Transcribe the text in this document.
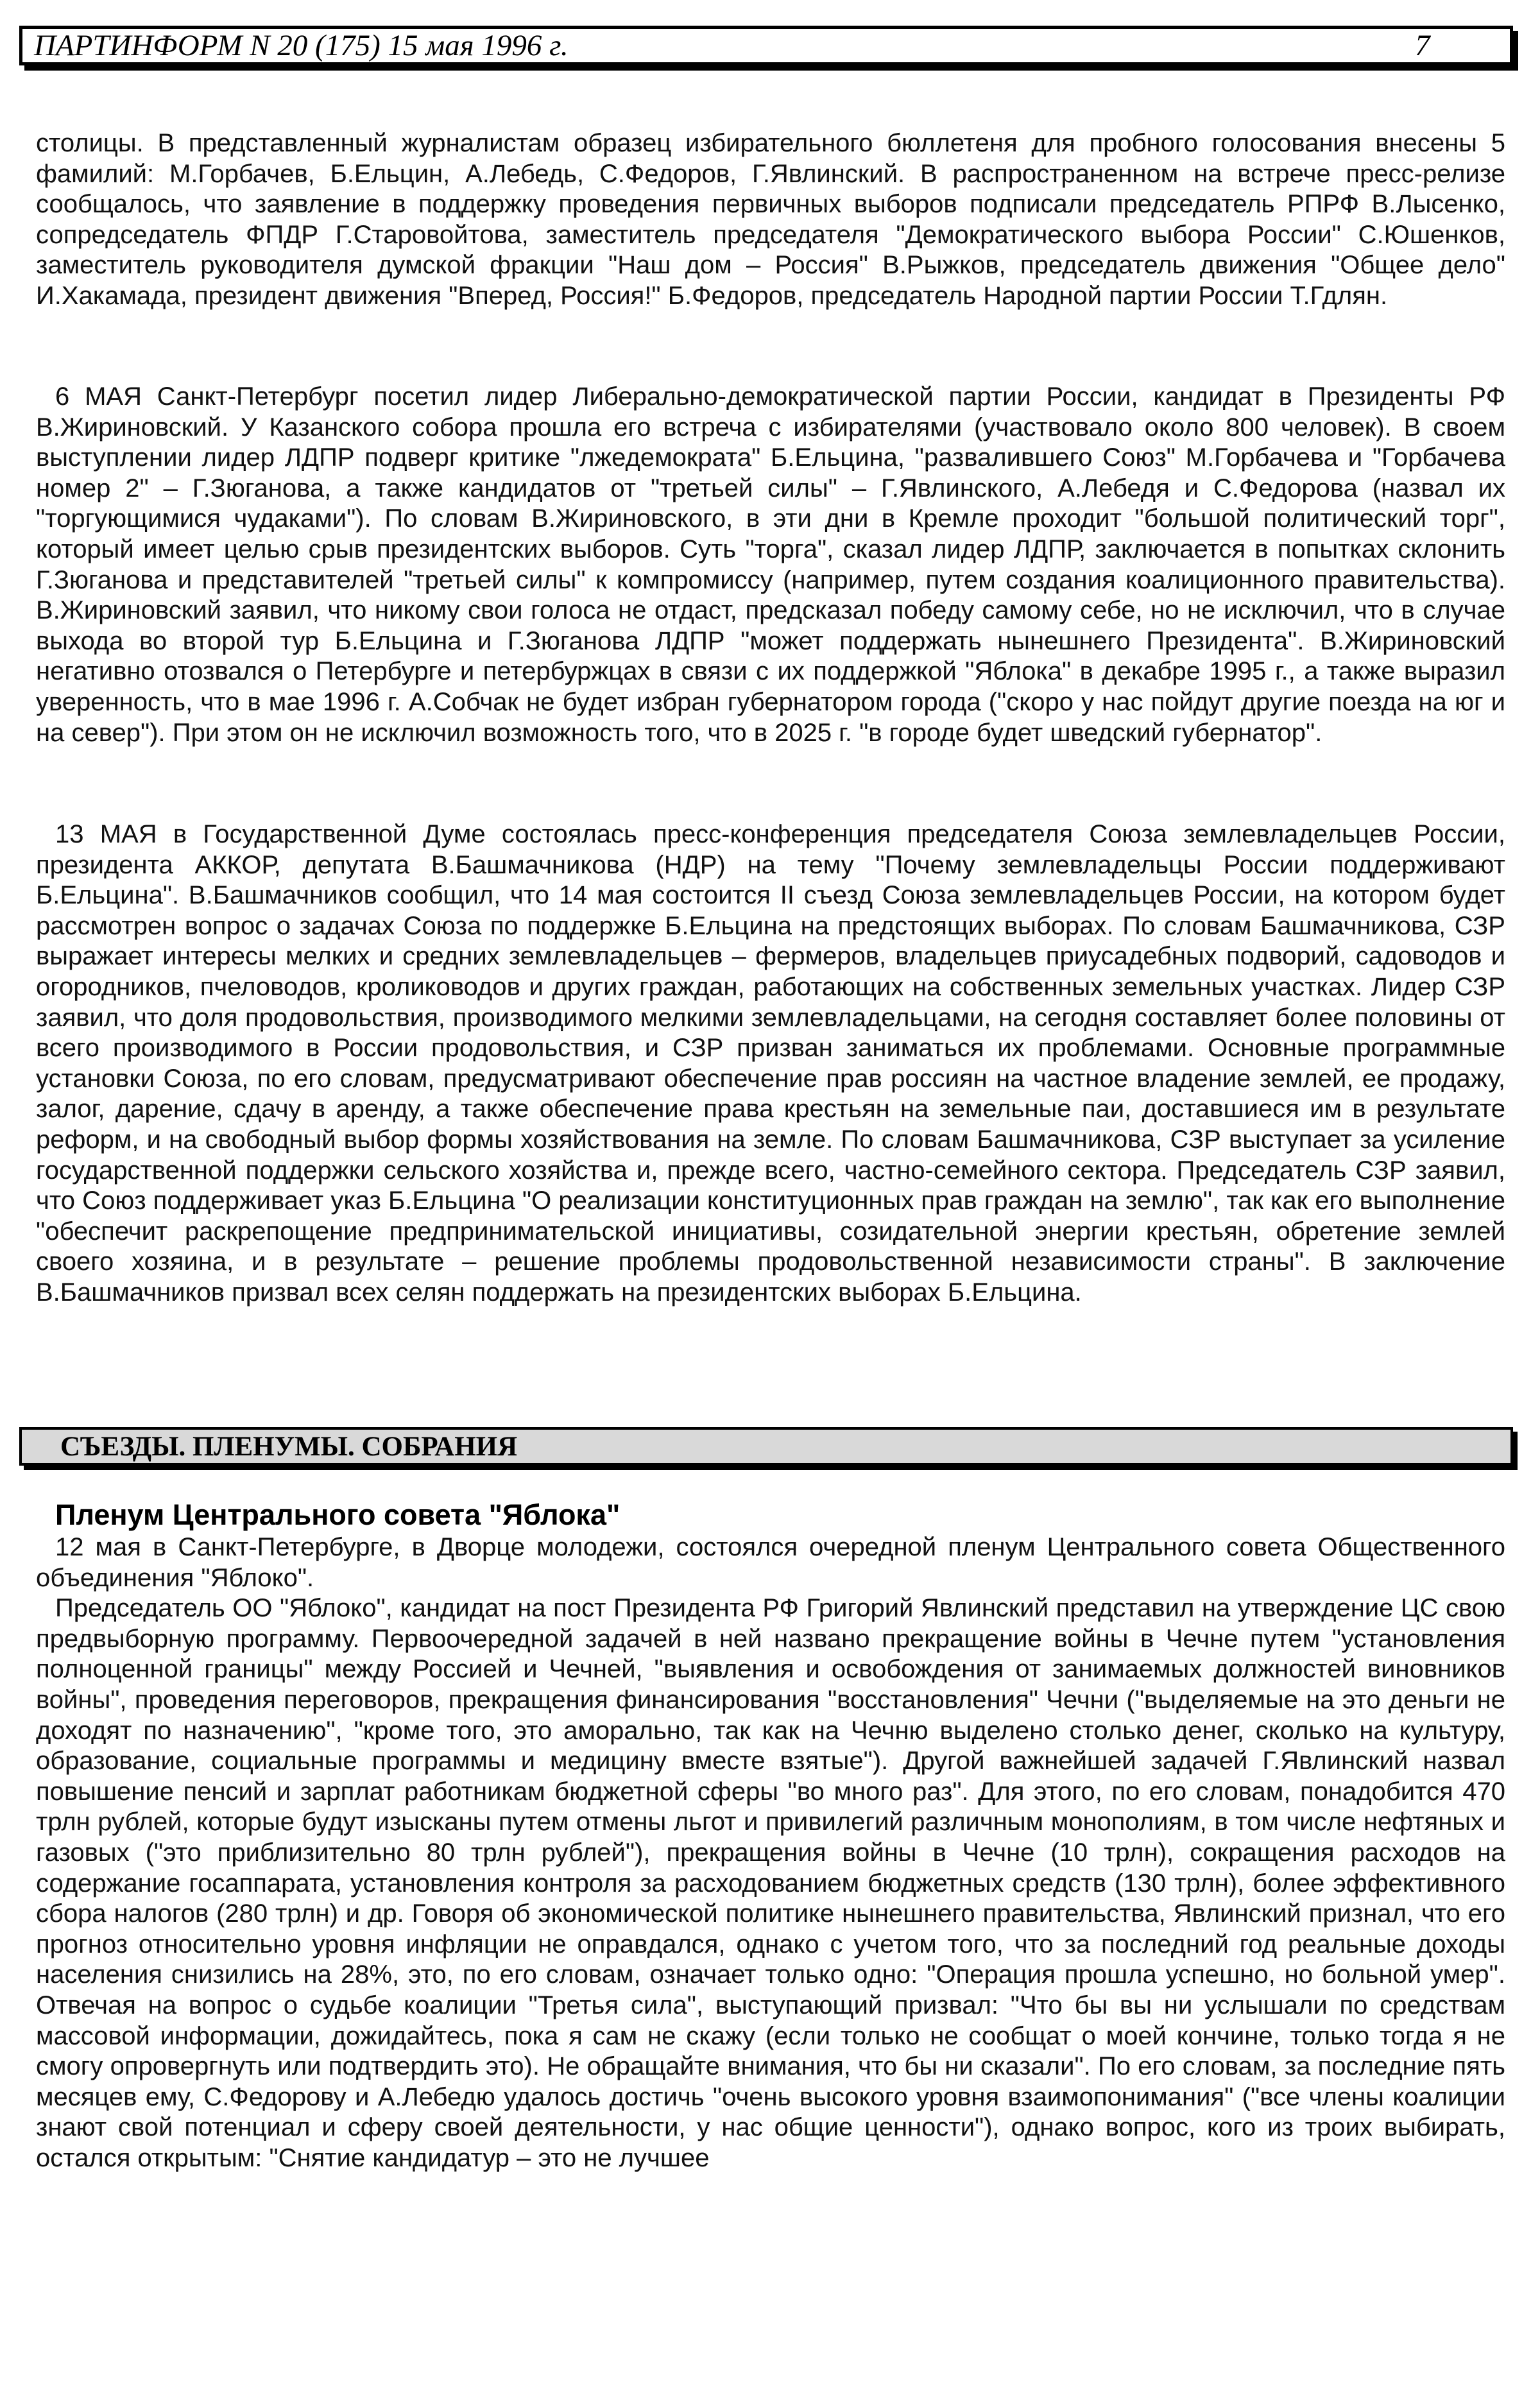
ПАРТИНФОРМ N 20 (175) 15 мая 1996 г.	7

столицы. В представленный журналистам образец избирательного бюллетеня для пробного голосования внесены 5 фамилий: М.Горбачев, Б.Ельцин, А.Лебедь, С.Федоров, Г.Явлинский. В распространенном на встрече пресс-релизе сообщалось, что заявление в поддержку проведения первичных выборов подписали председатель РПРФ В.Лысенко, сопредседатель ФПДР Г.Старовойтова, заместитель председателя "Демократического выбора России" С.Юшенков, заместитель руководителя думской фракции "Наш дом – Россия" В.Рыжков, председатель движения "Общее дело" И.Хакамада, президент движения "Вперед, Россия!" Б.Федоров, председатель Народной партии России Т.Гдлян.

6 МАЯ Санкт-Петербург посетил лидер Либерально-демократической партии России, кандидат в Президенты РФ В.Жириновский. У Казанского собора прошла его встреча с избирателями (участвовало около 800 человек). В своем выступлении лидер ЛДПР подверг критике "лжедемократа" Б.Ельцина, "развалившего Союз" М.Горбачева и "Горбачева номер 2" – Г.Зюганова, а также кандидатов от "третьей силы" – Г.Явлинского, А.Лебедя и С.Федорова (назвал их "торгующимися чудаками"). По словам В.Жириновского, в эти дни в Кремле проходит "большой политический торг", который имеет целью срыв президентских выборов. Суть "торга", сказал лидер ЛДПР, заключается в попытках склонить Г.Зюганова и представителей "третьей силы" к компромиссу (например, путем создания коалиционного правительства). В.Жириновский заявил, что никому свои голоса не отдаст, предсказал победу самому себе, но не исключил, что в случае выхода во второй тур Б.Ельцина и Г.Зюганова ЛДПР "может поддержать нынешнего Президента". В.Жириновский негативно отозвался о Петербурге и петербуржцах в связи с их поддержкой "Яблока" в декабре 1995 г., а также выразил уверенность, что в мае 1996 г. А.Собчак не будет избран губернатором города ("скоро у нас пойдут другие поезда на юг и на север"). При этом он не исключил возможность того, что в 2025 г. "в городе будет шведский губернатор".

13 МАЯ в Государственной Думе состоялась пресс-конференция председателя Союза землевладельцев России, президента АККОР, депутата В.Башмачникова (НДР) на тему "Почему землевладельцы России поддерживают Б.Ельцина". В.Башмачников сообщил, что 14 мая состоится II съезд Союза землевладельцев России, на котором будет рассмотрен вопрос о задачах Союза по поддержке Б.Ельцина на предстоящих выборах. По словам Башмачникова, СЗР выражает интересы мелких и средних землевладельцев – фермеров, владельцев приусадебных подворий, садоводов и огородников, пчеловодов, кролиководов и других граждан, работающих на собственных земельных участках. Лидер СЗР заявил, что доля продовольствия, производимого мелкими землевладельцами, на сегодня составляет более половины от всего производимого в России продовольствия, и СЗР призван заниматься их проблемами. Основные программные установки Союза, по его словам, предусматривают обеспечение прав россиян на частное владение землей, ее продажу, залог, дарение, сдачу в аренду, а также обеспечение права крестьян на земельные паи, доставшиеся им в результате реформ, и на свободный выбор формы хозяйствования на земле. По словам Башмачникова, СЗР выступает за усиление государственной поддержки сельского хозяйства и, прежде всего, частно-семейного сектора. Председатель СЗР заявил, что Союз поддерживает указ Б.Ельцина "О реализации конституционных прав граждан на землю", так как его выполнение "обеспечит раскрепощение предпринимательской инициативы, созидательной энергии крестьян, обретение землей своего хозяина, и в результате – решение проблемы продовольственной независимости страны". В заключение В.Башмачников призвал всех селян поддержать на президентских выборах Б.Ельцина.

СЪЕЗДЫ. ПЛЕНУМЫ. СОБРАНИЯ
Пленум Центрального совета "Яблока"

12 мая в Санкт-Петербурге, в Дворце молодежи, состоялся очередной пленум Центрального совета Общественного объединения "Яблоко".

Председатель ОО "Яблоко", кандидат на пост Президента РФ Григорий Явлинский представил на утверждение ЦС свою предвыборную программу. Первоочередной задачей в ней названо прекращение войны в Чечне путем "установления полноценной границы" между Россией и Чечней, "выявления и освобождения от занимаемых должностей виновников войны", проведения переговоров, прекращения финансирования "восстановления" Чечни ("выделяемые на это деньги не доходят по назначению", "кроме того, это аморально, так как на Чечню выделено столько денег, сколько на культуру, образование, социальные программы и медицину вместе взятые"). Другой важнейшей задачей Г.Явлинский назвал повышение пенсий и зарплат работникам бюджетной сферы "во много раз". Для этого, по его словам, понадобится 470 трлн рублей, которые будут изысканы путем отмены льгот и привилегий различным монополиям, в том числе нефтяных и газовых ("это приблизительно 80 трлн рублей"), прекращения войны в Чечне (10 трлн), сокращения расходов на содержание госаппарата, установления контроля за расходованием бюджетных средств (130 трлн), более эффективного сбора налогов (280 трлн) и др. Говоря об экономической политике нынешнего правительства, Явлинский признал, что его прогноз относительно уровня инфляции не оправдался, однако с учетом того, что за последний год реальные доходы населения снизились на 28%, это, по его словам, означает только одно: "Операция прошла успешно, но больной умер". Отвечая на вопрос о судьбе коалиции "Третья сила", выступающий призвал: "Что бы вы ни услышали по средствам массовой информации, дожидайтесь, пока я сам не скажу (если только не сообщат о моей кончине, только тогда я не смогу опровергнуть или подтвердить это). Не обращайте внимания, что бы ни сказали". По его словам, за последние пять месяцев ему, С.Федорову и А.Лебедю удалось достичь "очень высокого уровня взаимопонимания" ("все члены коалиции знают свой потенциал и сферу своей деятельности, у нас общие ценности"), однако вопрос, кого из троих выбирать, остался открытым: "Снятие кандидатур – это не лучшее
